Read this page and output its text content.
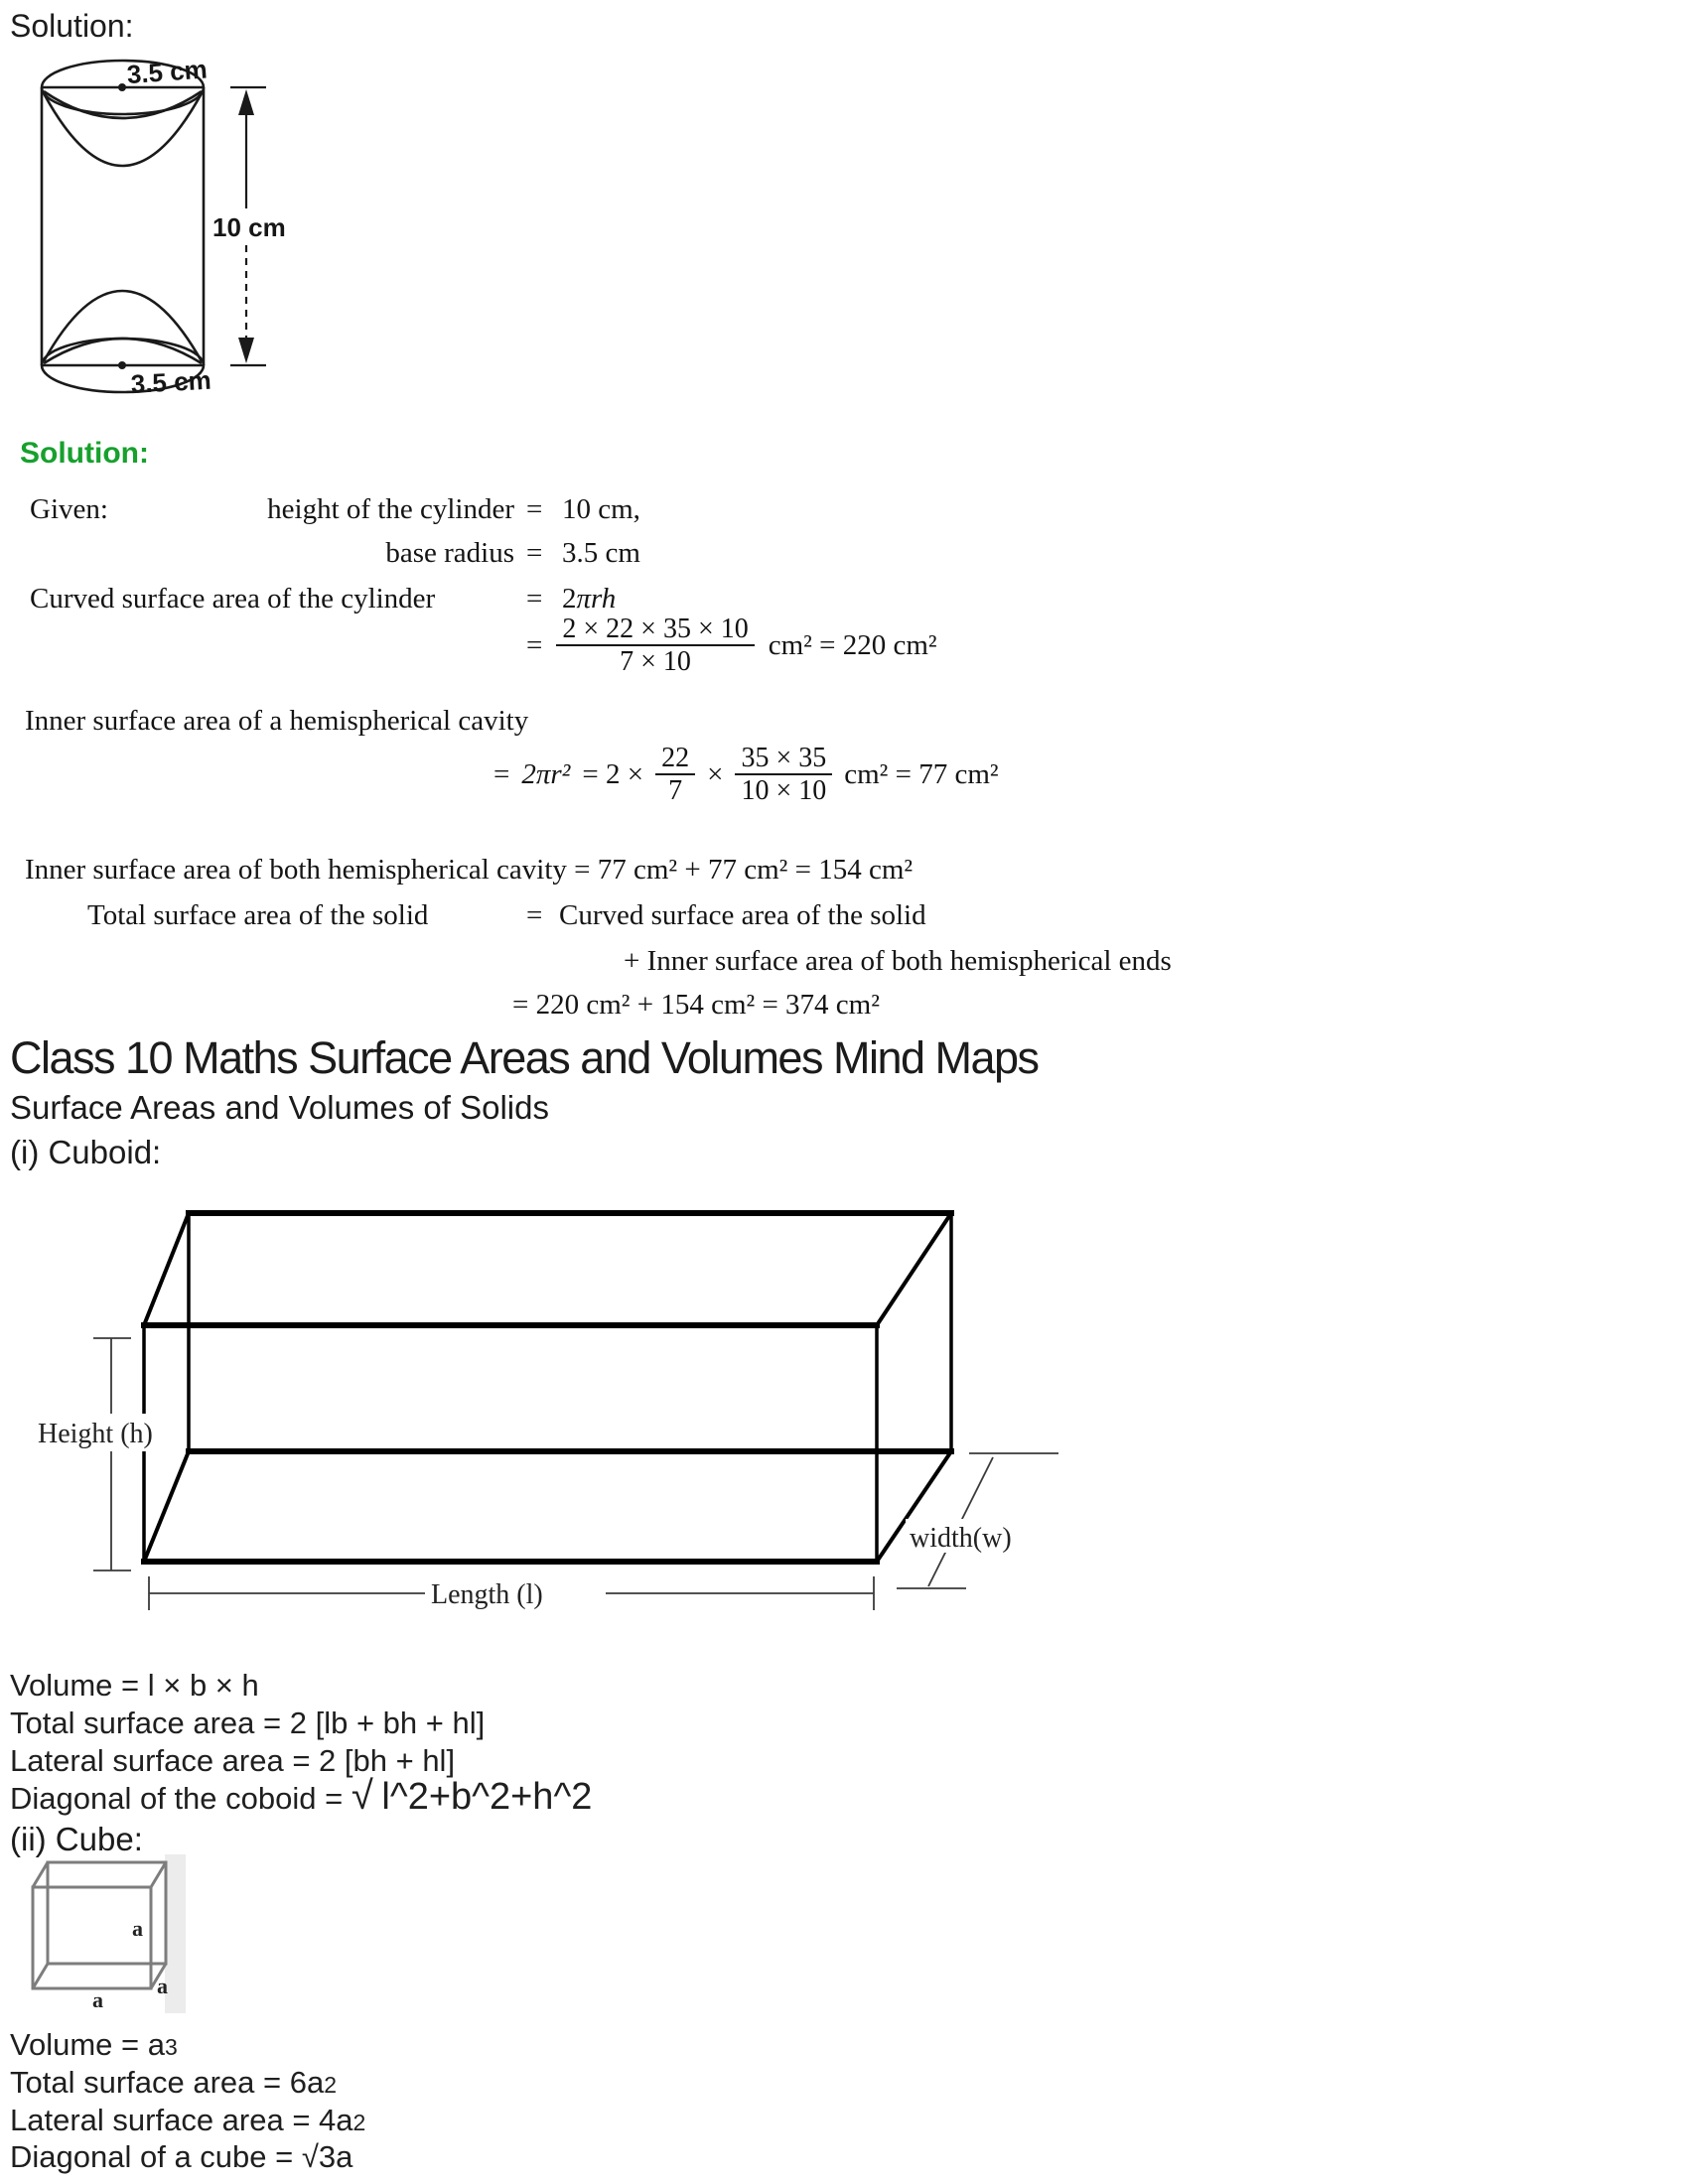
Solution:
3.5 cm
10 cm
3.5 cm
Solution:
Given:	height of the cylinder = 10 cm,
base radius = 3.5 cm
Curved surface area of the cylinder	= 2πrh
= $\frac{2 \times 22 \times 35 \times 10}{7 \times 10} cm^2 = 220$ cm²
Inner surface area of a hemispherical cavity
= $2\pi r^2 = 2 \times \frac{22}{7} \times \frac{35 \times 35}{10 \times 10} cm^2 = 77$ cm²
Inner surface area of both hemispherical cavity = 77 cm² + 77 cm² = 154 cm²
Total surface area of the solid	= Curved surface area of the solid
+ Inner surface area of both hemispherical ends
= 220 cm² + 154 cm² = 374 cm²
Class 10 Maths Surface Areas and Volumes Mind Maps
Surface Areas and Volumes of Solids
(i) Cuboid:
Height (h)
Length (l)
width(w)
Volume = l × b × h
Total surface area = 2 [lb + bh + hl]
Lateral surface area = 2 [bh + hl]
Diagonal of the coboid = √ l^2+b^2+h^2
(ii) Cube:
a
a
a
Volume = a3
Total surface area = 6a2
Lateral surface area = 4a2
Diagonal of a cube = √3a
